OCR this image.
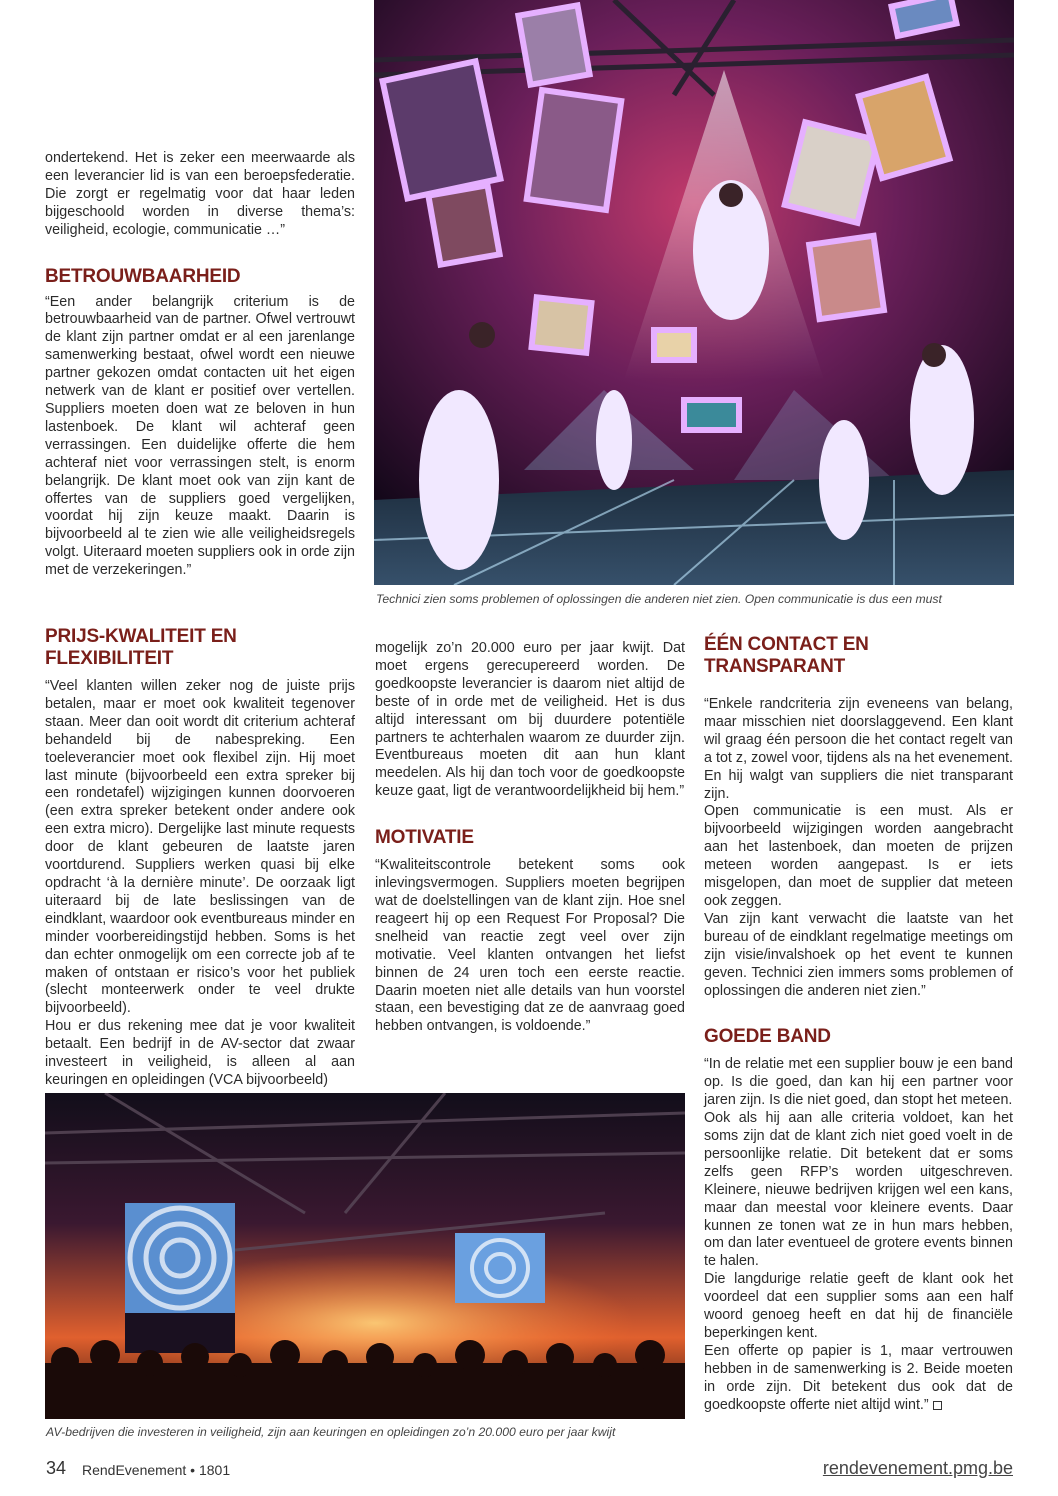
ondertekend. Het is zeker een meerwaarde als een leverancier lid is van een beroepsfederatie. Die zorgt er regelmatig voor dat haar leden bijgeschoold worden in diverse thema’s: veiligheid, ecologie, communicatie …”

BETROUWBAARHEID

“Een ander belangrijk criterium is de betrouwbaarheid van de partner. Ofwel vertrouwt de klant zijn partner omdat er al een jarenlange samenwerking bestaat, ofwel wordt een nieuwe partner gekozen omdat contacten uit het eigen netwerk van de klant er positief over vertellen. Suppliers moeten doen wat ze beloven in hun lastenboek. De klant wil achteraf geen verrassingen. Een duidelijke offerte die hem achteraf niet voor verrassingen stelt, is enorm belangrijk. De klant moet ook van zijn kant de offertes van de suppliers goed vergelijken, voordat hij zijn keuze maakt. Daarin is bijvoorbeeld al te zien wie alle veiligheidsregels volgt. Uiteraard moeten suppliers ook in orde zijn met de verzekeringen.”

Technici zien soms problemen of oplossingen die anderen niet zien. Open communicatie is dus een must
PRIJS-KWALITEIT EN FLEXIBILITEIT

“Veel klanten willen zeker nog de juiste prijs betalen, maar er moet ook kwaliteit tegenover staan. Meer dan ooit wordt dit criterium achteraf behandeld bij de nabespreking. Een toeleverancier moet ook flexibel zijn. Hij moet last minute (bijvoorbeeld een extra spreker bij een rondetafel) wijzigingen kunnen doorvoeren (een extra spreker betekent onder andere ook een extra micro). Dergelijke last minute requests door de klant gebeuren de laatste jaren voortdurend. Suppliers werken quasi bij elke opdracht ‘à la dernière minute’. De oorzaak ligt uiteraard bij de late beslissingen van de eindklant, waardoor ook eventbureaus minder en minder voorbereidingstijd hebben. Soms is het dan echter onmogelijk om een correcte job af te maken of ontstaan er risico’s voor het publiek (slecht monteerwerk onder te veel drukte bijvoorbeeld).

Hou er dus rekening mee dat je voor kwaliteit betaalt. Een bedrijf in de AV-sector dat zwaar investeert in veiligheid, is alleen al aan keuringen en opleidingen (VCA bijvoorbeeld)

mogelijk zo’n 20.000 euro per jaar kwijt. Dat moet ergens gerecupereerd worden. De goedkoopste leverancier is daarom niet altijd de beste of in orde met de veiligheid. Het is dus altijd interessant om bij duurdere potentiële partners te achterhalen waarom ze duurder zijn. Eventbureaus moeten dit aan hun klant meedelen. Als hij dan toch voor de goedkoopste keuze gaat, ligt de verantwoordelijkheid bij hem.”

MOTIVATIE

“Kwaliteitscontrole betekent soms ook inlevingsvermogen. Suppliers moeten begrijpen wat de doelstellingen van de klant zijn. Hoe snel reageert hij op een Request For Proposal? Die snelheid van reactie zegt veel over zijn motivatie. Veel klanten ontvangen het liefst binnen de 24 uren toch een eerste reactie. Daarin moeten niet alle details van hun voorstel staan, een bevestiging dat ze de aanvraag goed hebben ontvangen, is voldoende.”

ÉÉN CONTACT EN TRANSPARANT

“Enkele randcriteria zijn eveneens van belang, maar misschien niet doorslaggevend. Een klant wil graag één persoon die het contact regelt van a tot z, zowel voor, tijdens als na het evenement. En hij walgt van suppliers die niet transparant zijn.

Open communicatie is een must. Als er bijvoorbeeld wijzigingen worden aangebracht aan het lastenboek, dan moeten de prijzen meteen worden aangepast. Is er iets misgelopen, dan moet de supplier dat meteen ook zeggen.

Van zijn kant verwacht die laatste van het bureau of de eindklant regelmatige meetings om zijn visie/invalshoek op het event te kunnen geven. Technici zien immers soms problemen of oplossingen die anderen niet zien.”

GOEDE BAND

“In de relatie met een supplier bouw je een band op. Is die goed, dan kan hij een partner voor jaren zijn. Is die niet goed, dan stopt het meteen.

Ook als hij aan alle criteria voldoet, kan het soms zijn dat de klant zich niet goed voelt in de persoonlijke relatie. Dit betekent dat er soms zelfs geen RFP’s worden uitgeschreven. Kleinere, nieuwe bedrijven krijgen wel een kans, maar dan meestal voor kleinere events. Daar kunnen ze tonen wat ze in hun mars hebben, om dan later eventueel de grotere events binnen te halen.

Die langdurige relatie geeft de klant ook het voordeel dat een supplier soms aan een half woord genoeg heeft en dat hij de financiële beperkingen kent.

Een offerte op papier is 1, maar vertrouwen hebben in de samenwerking is 2. Beide moeten in orde zijn. Dit betekent dus ook dat de goedkoopste offerte niet altijd wint.”

AV-bedrijven die investeren in veiligheid, zijn aan keuringen en opleidingen zo’n 20.000 euro per jaar kwijt
34 RendEvenement • 1801	rendevenement.pmg.be
